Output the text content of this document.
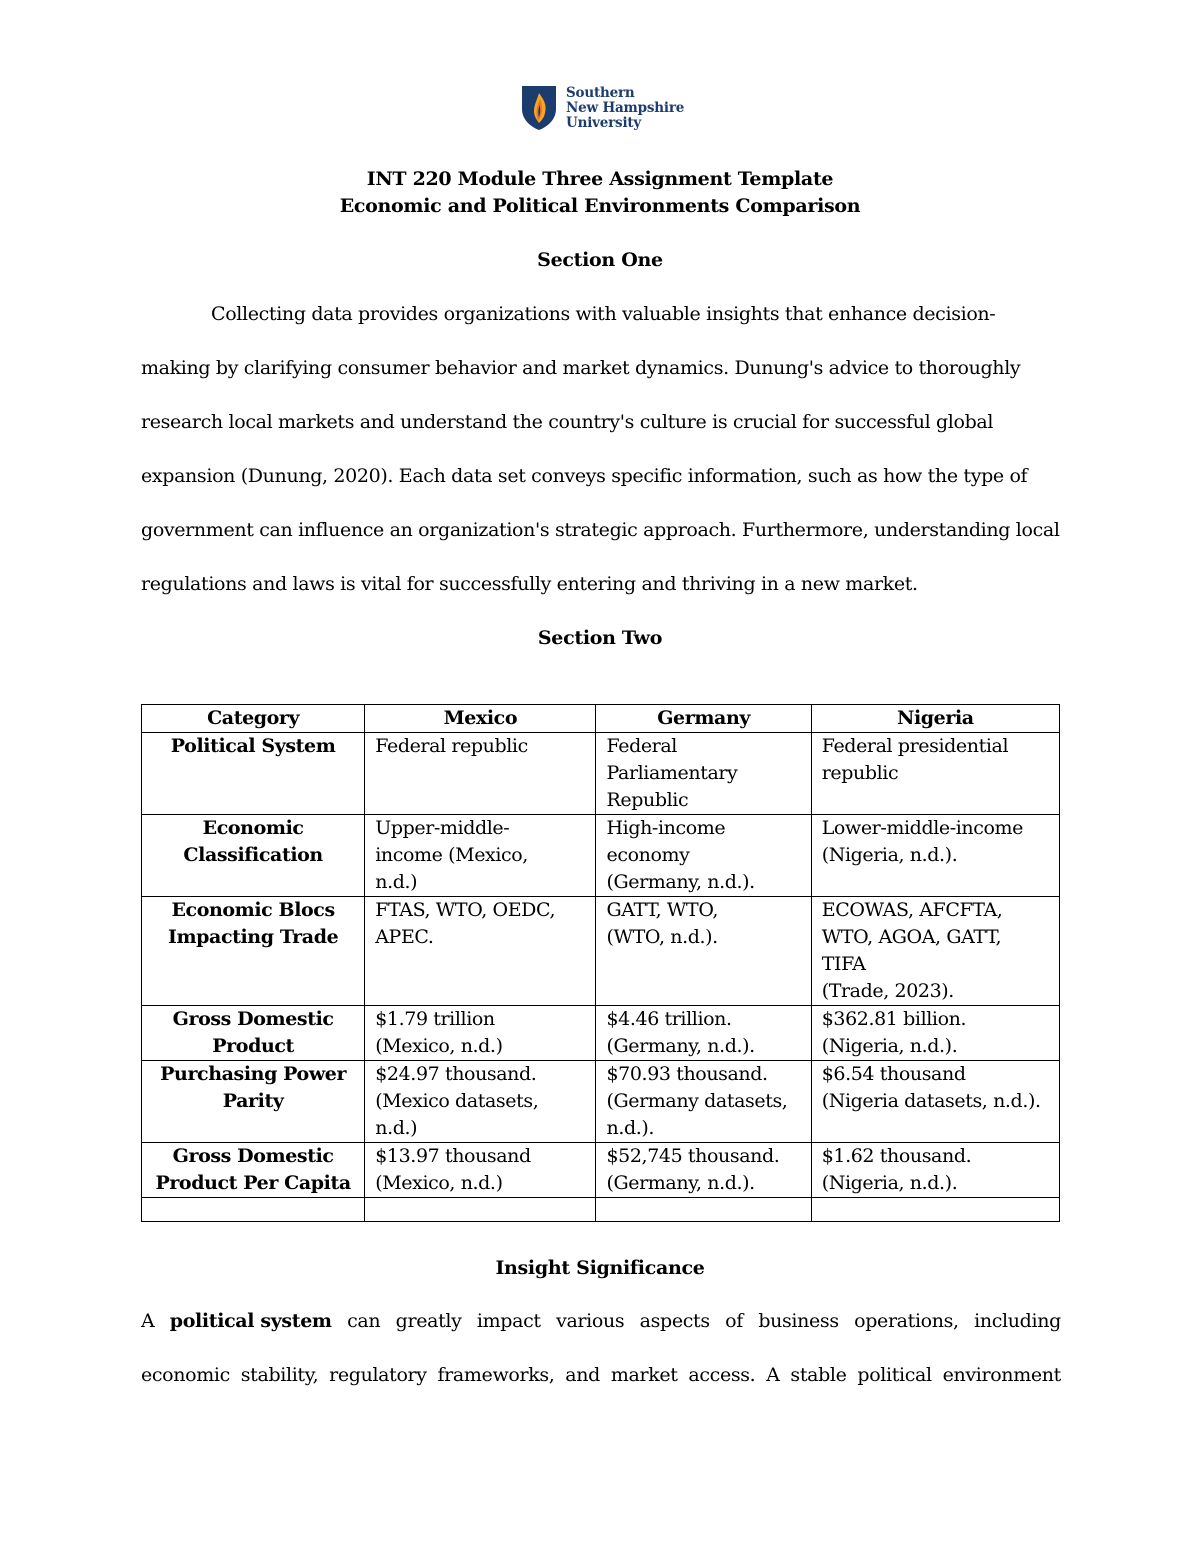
Southern
New Hampshire
University
INT 220 Module Three Assignment Template
Economic and Political Environments Comparison
Section One
Collecting data provides organizations with valuable insights that enhance decision-
making by clarifying consumer behavior and market dynamics. Dunung's advice to thoroughly
research local markets and understand the country's culture is crucial for successful global
expansion (Dunung, 2020). Each data set conveys specific information, such as how the type of
government can influence an organization's strategic approach. Furthermore, understanding local
regulations and laws is vital for successfully entering and thriving in a new market.
Section Two
Category	Mexico	Germany	Nigeria

Political System	Federal republic	Federal
Parliamentary
Republic	Federal presidential
republic

Economic
Classification	Upper-middle-
income (Mexico,
n.d.)	High-income
economy
(Germany, n.d.).	Lower-middle-income
(Nigeria, n.d.).

Economic Blocs
Impacting Trade	FTAS, WTO, OEDC,
APEC.	GATT, WTO,
(WTO, n.d.).	ECOWAS, AFCFTA,
WTO, AGOA, GATT,
TIFA
(Trade, 2023).

Gross Domestic
Product	$1.79 trillion
(Mexico, n.d.)	$4.46 trillion.
(Germany, n.d.).	$362.81 billion.
(Nigeria, n.d.).

Purchasing Power
Parity	$24.97 thousand.
(Mexico datasets,
n.d.)	$70.93 thousand.
(Germany datasets,
n.d.).	$6.54 thousand
(Nigeria datasets, n.d.).

Gross Domestic
Product Per Capita	$13.97 thousand
(Mexico, n.d.)	$52,745 thousand.
(Germany, n.d.).	$1.62 thousand.
(Nigeria, n.d.).

Insight Significance
A political system can greatly impact various aspects of business operations, including
economic stability, regulatory frameworks, and market access. A stable political environment
